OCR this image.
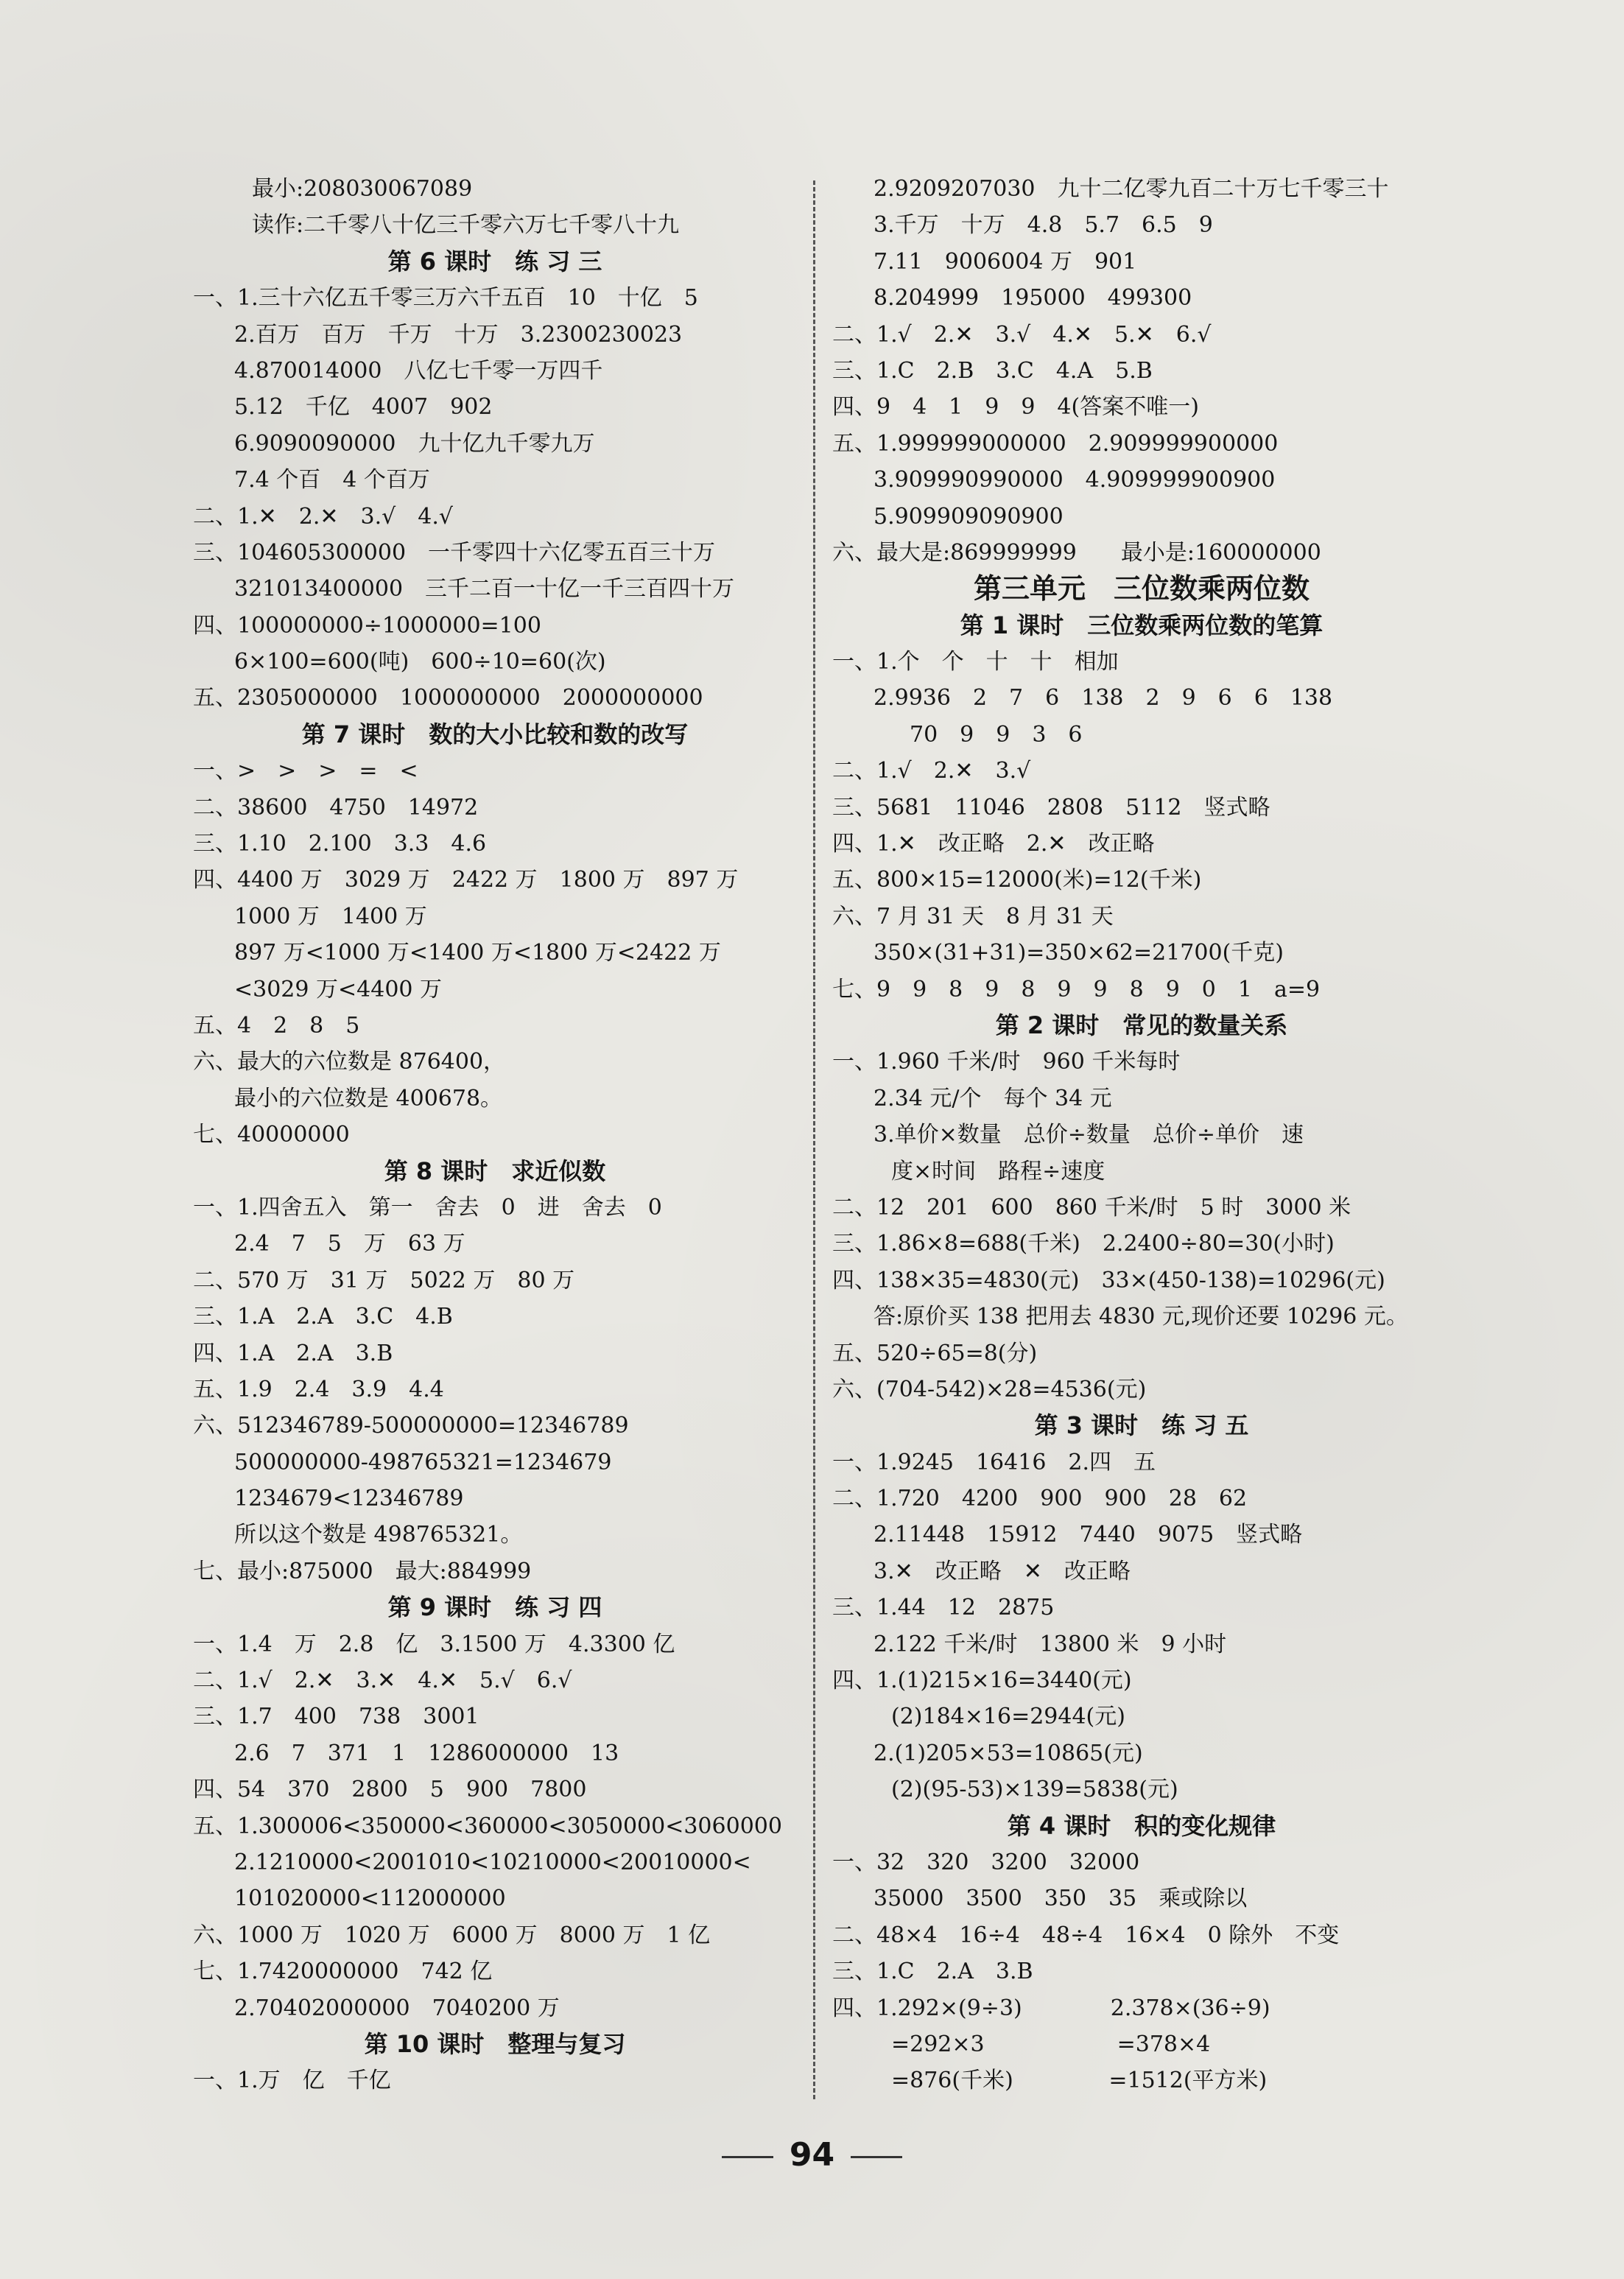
最小:208030067089
读作:二千零八十亿三千零六万七千零八十九
第 6 课时　练 习 三
一、1.三十六亿五千零三万六千五百　10　十亿　5
2.百万　百万　千万　十万　3.2300230023
4.870014000　八亿七千零一万四千
5.12　千亿　4007　902
6.9090090000　九十亿九千零九万
7.4 个百　4 个百万
二、1.✕　2.✕　3.√　4.√
三、104605300000　一千零四十六亿零五百三十万
321013400000　三千二百一十亿一千三百四十万
四、100000000÷1000000=100
6×100=600(吨)　600÷10=60(次)
五、2305000000　1000000000　2000000000
第 7 课时　数的大小比较和数的改写
一、>　>　>　=　<
二、38600　4750　14972
三、1.10　2.100　3.3　4.6
四、4400 万　3029 万　2422 万　1800 万　897 万
1000 万　1400 万
897 万<1000 万<1400 万<1800 万<2422 万
<3029 万<4400 万
五、4　2　8　5
六、最大的六位数是 876400，
最小的六位数是 400678。
七、40000000
第 8 课时　求近似数
一、1.四舍五入　第一　舍去　0　进　舍去　0
2.4　7　5　万　63 万
二、570 万　31 万　5022 万　80 万
三、1.A　2.A　3.C　4.B
四、1.A　2.A　3.B
五、1.9　2.4　3.9　4.4
六、512346789-500000000=12346789
500000000-498765321=1234679
1234679<12346789
所以这个数是 498765321。
七、最小:875000　最大:884999
第 9 课时　练 习 四
一、1.4　万　2.8　亿　3.1500 万　4.3300 亿
二、1.√　2.✕　3.✕　4.✕　5.√　6.√
三、1.7　400　738　3001
2.6　7　371　1　1286000000　13
四、54　370　2800　5　900　7800
五、1.300006<350000<360000<3050000<3060000
2.1210000<2001010<10210000<20010000<
101020000<112000000
六、1000 万　1020 万　6000 万　8000 万　1 亿
七、1.7420000000　742 亿
2.70402000000　7040200 万
第 10 课时　整理与复习
一、1.万　亿　千亿
2.9209207030　九十二亿零九百二十万七千零三十
3.千万　十万　4.8　5.7　6.5　9
7.11　9006004 万　901
8.204999　195000　499300
二、1.√　2.✕　3.√　4.✕　5.✕　6.√
三、1.C　2.B　3.C　4.A　5.B
四、9　4　1　9　9　4(答案不唯一)
五、1.999999000000　2.909999900000
3.909990990000　4.909999900900
5.909909090900
六、最大是:869999999　　最小是:160000000
第三单元　三位数乘两位数
第 1 课时　三位数乘两位数的笔算
一、1.个　个　十　十　相加
2.9936　2　7　6　138　2　9　6　6　138
70　9　9　3　6
二、1.√　2.✕　3.√
三、5681　11046　2808　5112　竖式略
四、1.✕　改正略　2.✕　改正略
五、800×15=12000(米)=12(千米)
六、7 月 31 天　8 月 31 天
350×(31+31)=350×62=21700(千克)
七、9　9　8　9　8　9　9　8　9　0　1　a=9
第 2 课时　常见的数量关系
一、1.960 千米/时　960 千米每时
2.34 元/个　每个 34 元
3.单价×数量　总价÷数量　总价÷单价　速
度×时间　路程÷速度
二、12　201　600　860 千米/时　5 时　3000 米
三、1.86×8=688(千米)　2.2400÷80=30(小时)
四、138×35=4830(元)　33×(450-138)=10296(元)
答:原价买 138 把用去 4830 元,现价还要 10296 元。
五、520÷65=8(分)
六、(704-542)×28=4536(元)
第 3 课时　练 习 五
一、1.9245　16416　2.四　五
二、1.720　4200　900　900　28　62
2.11448　15912　7440　9075　竖式略
3.✕　改正略　✕　改正略
三、1.44　12　2875
2.122 千米/时　13800 米　9 小时
四、1.(1)215×16=3440(元)
(2)184×16=2944(元)
2.(1)205×53=10865(元)
(2)(95-53)×139=5838(元)
第 4 课时　积的变化规律
一、32　320　3200　32000
35000　3500　350　35　乘或除以
二、48×4　16÷4　48÷4　16×4　0 除外　不变
三、1.C　2.A　3.B
四、1.292×(9÷3)　　　　2.378×(36÷9)
=292×3　　　　　　=378×4
=876(千米)　　　　 =1512(平方米)
94
